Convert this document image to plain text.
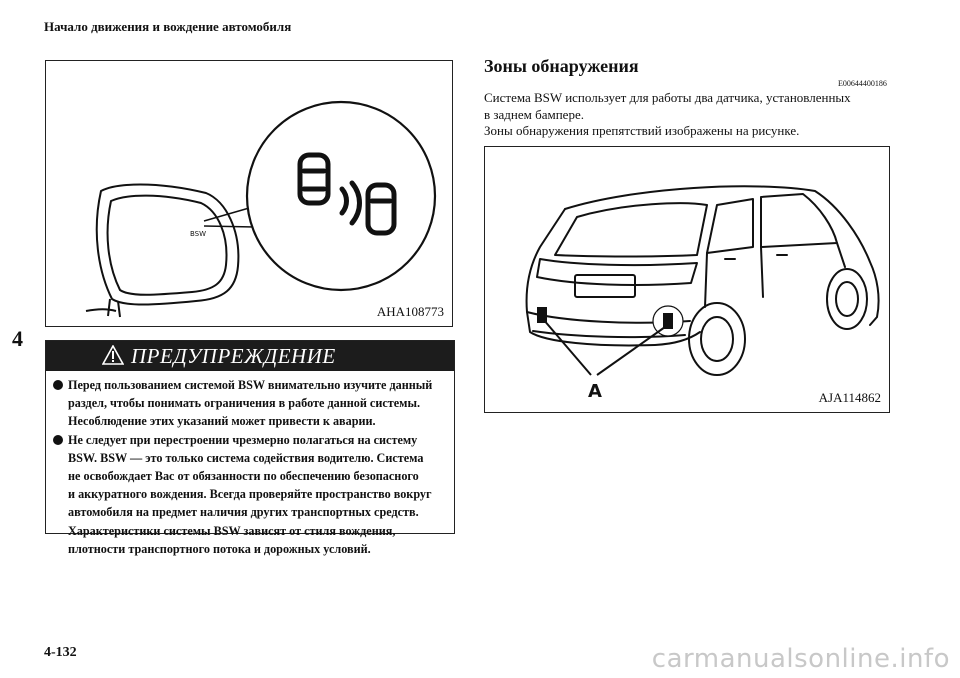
Начало движения и вождение автомобиля
4
4-132
BSW
AHA108773
ПРЕДУПРЕЖДЕНИЕ
Перед пользованием системой BSW внимательно изучите данный
раздел, чтобы понимать ограничения в работе данной системы.
Несоблюдение этих указаний может привести к аварии.
Не следует при перестроении чрезмерно полагаться на систему
BSW. BSW — это только система содействия водителю. Система
не освобождает Вас от обязанности по обеспечению безопасного
и аккуратного вождения. Всегда проверяйте пространство вокруг
автомобиля на предмет наличия других транспортных средств.
Характеристики системы BSW зависят от стиля вождения,
плотности транспортного потока и дорожных условий.
Зоны обнаружения
E00644400186
Система BSW использует для работы два датчика, установленных
в заднем бампере.
Зоны обнаружения препятствий изображены на рисунке.
A	AJA114862
carmanualsonline.info
